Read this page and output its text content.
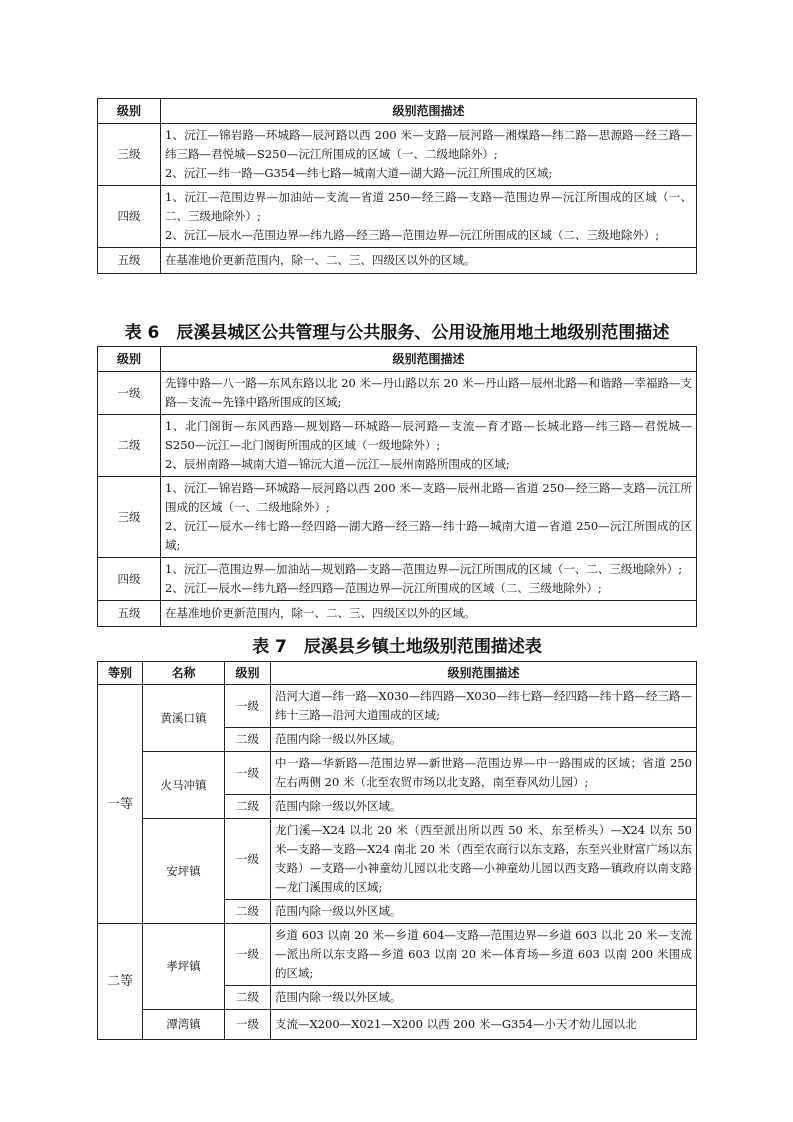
级别	级别范围描述
三级	1、沅江—锦岩路—环城路—辰河路以西 200 米—支路—辰河路—湘煤路—纬二路—思源路—经三路—纬三路—君悦城—S250—沅江所围成的区域（一、二级地除外）;
2、沅江—纬一路—G354—纬七路—城南大道—湖大路—沅江所围成的区域;

四级	1、沅江—范围边界—加油站—支流—省道 250—经三路—支路—范围边界—沅江所围成的区域（一、二、三级地除外）;
2、沅江—辰水—范围边界—纬九路—经三路—范围边界—沅江所围成的区域（二、三级地除外）;

五级	在基准地价更新范围内，除一、二、三、四级区以外的区域。
表 6　辰溪县城区公共管理与公共服务、公用设施用地土地级别范围描述
级别	级别范围描述
一级	先锋中路—八一路—东风东路以北 20 米—丹山路以东 20 米—丹山路—辰州北路—和谐路—幸福路—支路—支流—先锋中路所围成的区域;

二级	1、北门阁街—东风西路—规划路—环城路—辰河路—支流—育才路—长城北路—纬三路—君悦城—S250—沅江—北门阁街所围成的区域（一级地除外）;
2、辰州南路—城南大道—锦沅大道—沅江—辰州南路所围成的区域;

三级	1、沅江—锦岩路—环城路—辰河路以西 200 米—支路—辰州北路—省道 250—经三路—支路—沅江所围成的区域（一、二级地除外）;
2、沅江—辰水—纬七路—经四路—湖大路—经三路—纬十路—城南大道—省道 250—沅江所围成的区域;

四级	1、沅江—范围边界—加油站—规划路—支路—范围边界—沅江所围成的区域（一、二、三级地除外）;
2、沅江—辰水—纬九路—经四路—范围边界—沅江所围成的区域（二、三级地除外）;

五级	在基准地价更新范围内，除一、二、三、四级区以外的区域。
表 7　辰溪县乡镇土地级别范围描述表
等别	名称	级别	级别范围描述
一等	黄溪口镇	一级	沿河大道—纬一路—X030—纬四路—X030—纬七路—经四路—纬十路—经三路—纬十三路—沿河大道围成的区域;
		二级	范围内除一级以外区域。
	火马冲镇	一级	中一路—华新路—范围边界—新世路—范围边界—中一路围成的区域；省道 250 左右两侧 20 米（北至农贸市场以北支路，南至春风幼儿园）;
		二级	范围内除一级以外区域。
	安坪镇	一级	龙门溪—X24 以北 20 米（西至派出所以西 50 米、东至桥头）—X24 以东 50 米—支路—支路—X24 南北 20 米（西至农商行以东支路，东至兴业财富广场以东支路）—支路—小神童幼儿园以北支路—小神童幼儿园以西支路—镇政府以南支路—龙门溪围成的区域;
		二级	范围内除一级以外区域。
二等	孝坪镇	一级	乡道 603 以南 20 米—乡道 604—支路—范围边界—乡道 603 以北 20 米—支流—派出所以东支路—乡道 603 以南 20 米—体育场—乡道 603 以南 200 米围成的区域;
		二级	范围内除一级以外区域。
	潭湾镇	一级	支流—X200—X021—X200 以西 200 米—G354—小天才幼儿园以北
